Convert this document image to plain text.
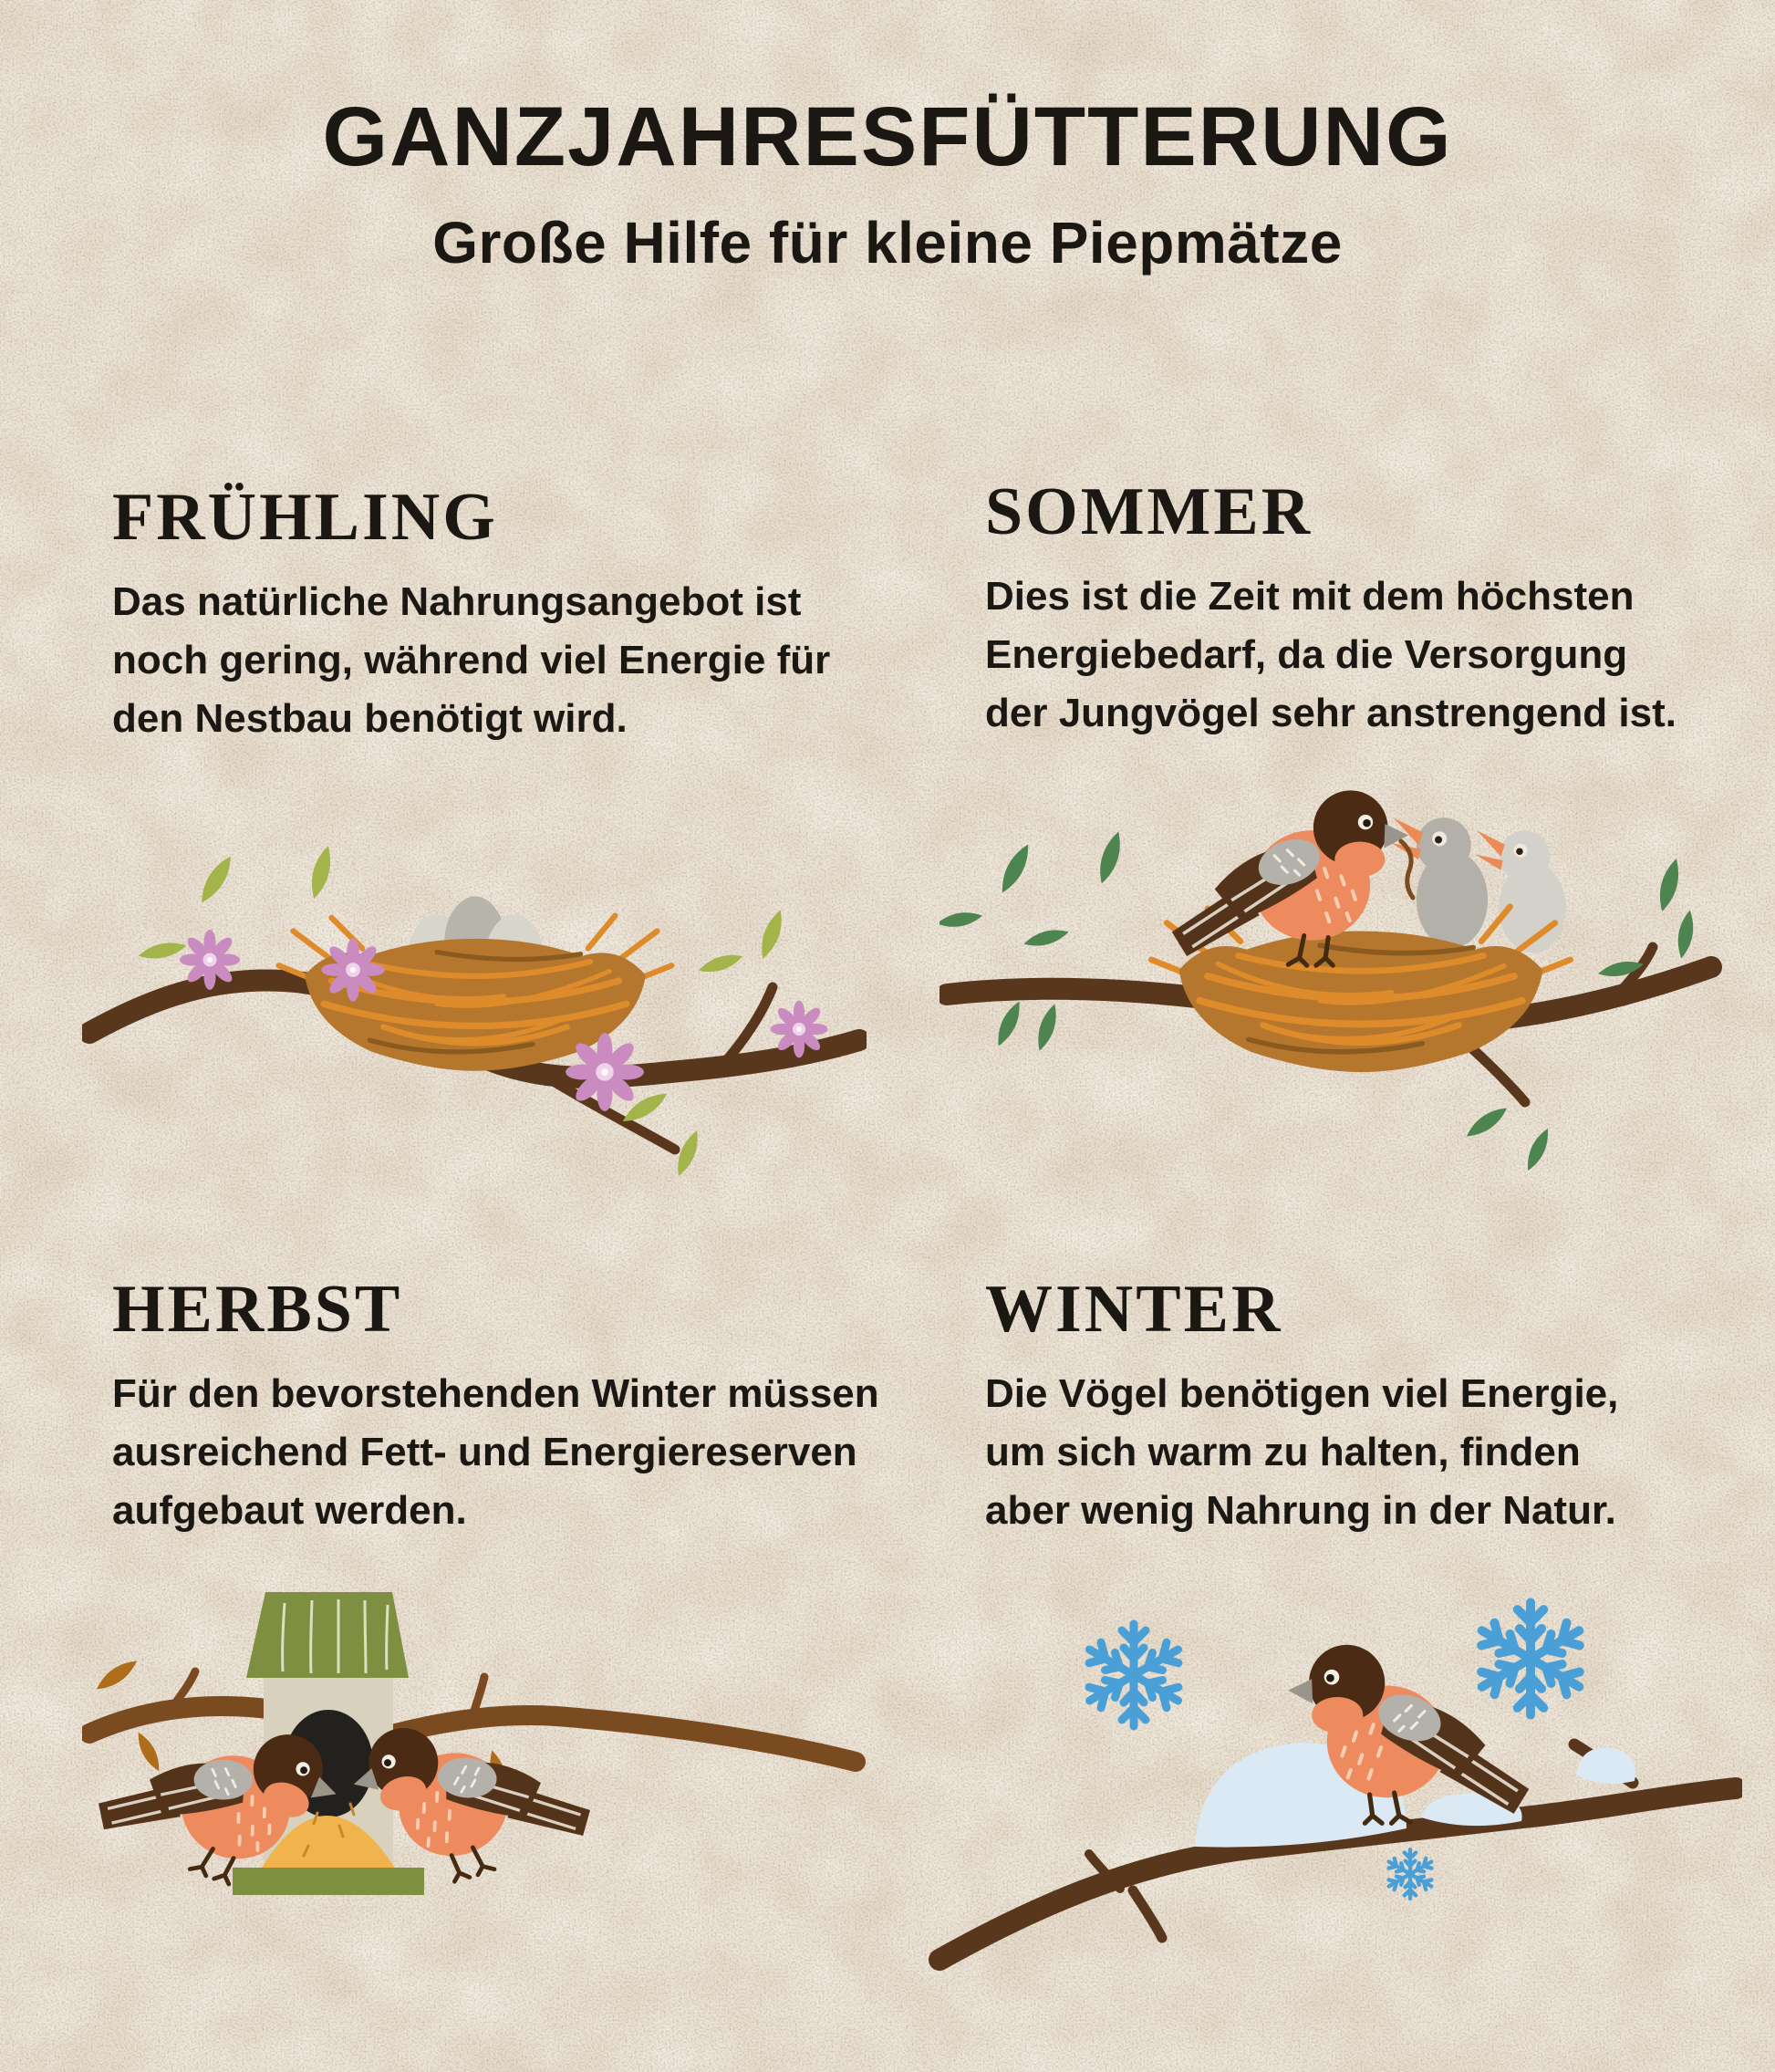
GANZJAHRESFÜTTERUNG
Große Hilfe für kleine Piepmätze
FRÜHLING

Das natürliche Nahrungsangebot ist

noch gering, während viel Energie für

den Nestbau benötigt wird.

SOMMER

Dies ist die Zeit mit dem höchsten

Energiebedarf, da die Versorgung

der Jungvögel sehr anstrengend ist.

HERBST

Für den bevorstehenden Winter müssen

ausreichend Fett- und Energiereserven

aufgebaut werden.

WINTER

Die Vögel benötigen viel Energie,

um sich warm zu halten, finden

aber wenig Nahrung in der Natur.
